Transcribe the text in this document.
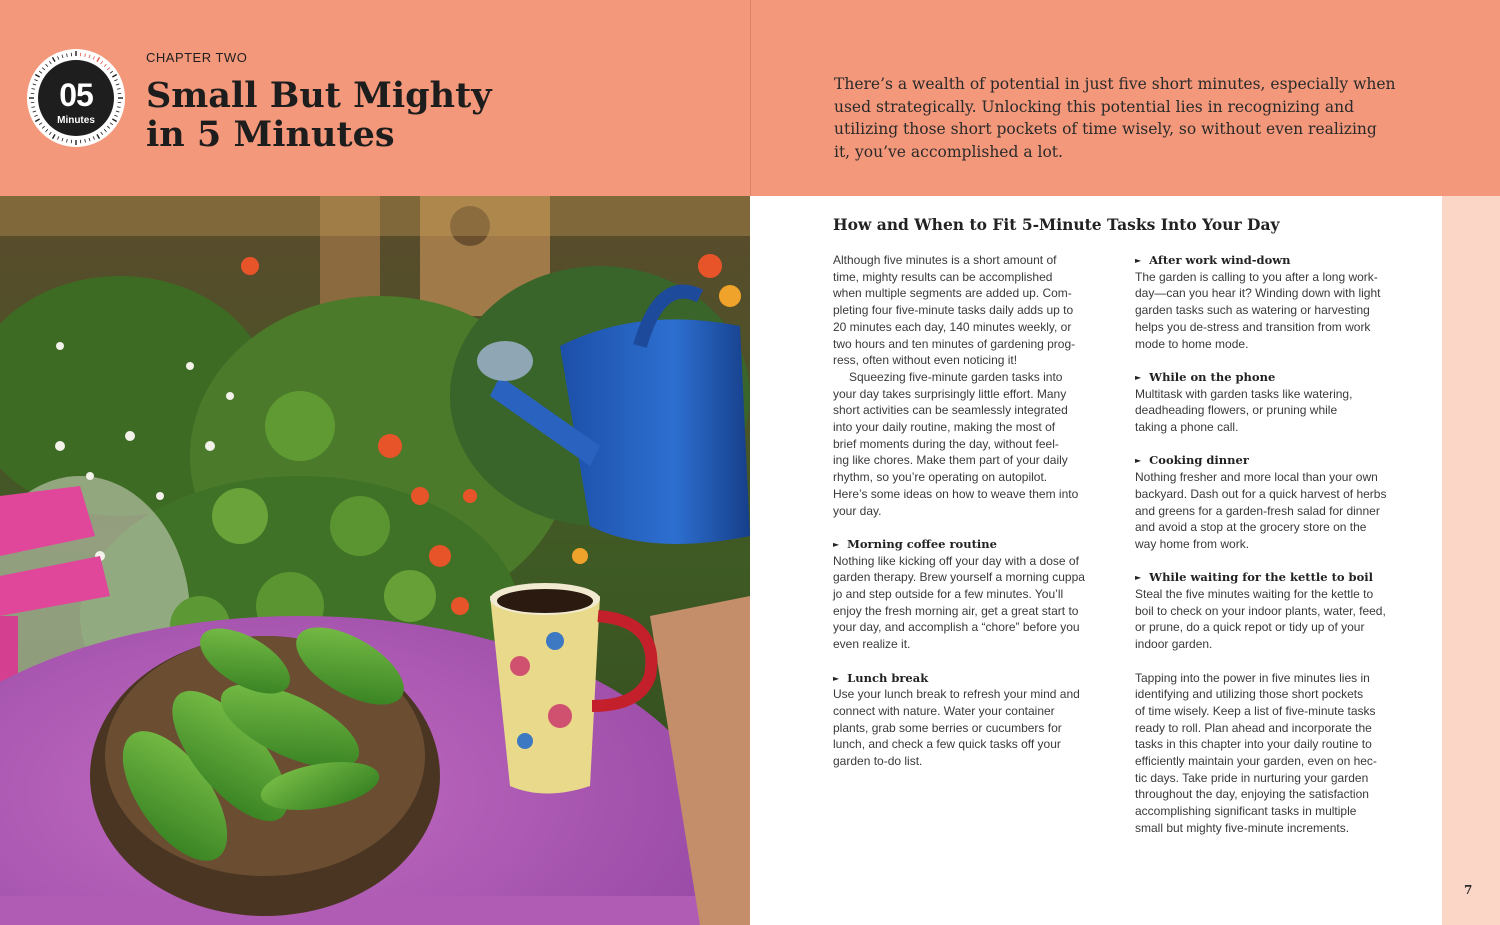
05
Minutes
CHAPTER TWO
Small But Mighty
in 5 Minutes
There’s a wealth of potential in just five short minutes, especially when
used strategically. Unlocking this potential lies in recognizing and
utilizing those short pockets of time wisely, so without even realizing
it, you’ve accomplished a lot.
7
How and When to Fit 5-Minute Tasks Into Your Day
Although five minutes is a short amount of
time, mighty results can be accomplished
when multiple segments are added up. Com-
pleting four five-minute tasks daily adds up to
20 minutes each day, 140 minutes weekly, or
two hours and ten minutes of gardening prog-
ress, often without even noticing it!
Squeezing five-minute garden tasks into
your day takes surprisingly little effort. Many
short activities can be seamlessly integrated
into your daily routine, making the most of
brief moments during the day, without feel-
ing like chores. Make them part of your daily
rhythm, so you’re operating on autopilot.
Here’s some ideas on how to weave them into
your day.
► Morning coffee routine
Nothing like kicking off your day with a dose of
garden therapy. Brew yourself a morning cuppa
jo and step outside for a few minutes. You’ll
enjoy the fresh morning air, get a great start to
your day, and accomplish a “chore” before you
even realize it.
► Lunch break
Use your lunch break to refresh your mind and
connect with nature. Water your container
plants, grab some berries or cucumbers for
lunch, and check a few quick tasks off your
garden to-do list.
► After work wind-down
The garden is calling to you after a long work-
day—can you hear it? Winding down with light
garden tasks such as watering or harvesting
helps you de-stress and transition from work
mode to home mode.
► While on the phone
Multitask with garden tasks like watering,
deadheading flowers, or pruning while
taking a phone call.
► Cooking dinner
Nothing fresher and more local than your own
backyard. Dash out for a quick harvest of herbs
and greens for a garden-fresh salad for dinner
and avoid a stop at the grocery store on the
way home from work.
► While waiting for the kettle to boil
Steal the five minutes waiting for the kettle to
boil to check on your indoor plants, water, feed,
or prune, do a quick repot or tidy up of your
indoor garden.
Tapping into the power in five minutes lies in
identifying and utilizing those short pockets
of time wisely. Keep a list of five-minute tasks
ready to roll. Plan ahead and incorporate the
tasks in this chapter into your daily routine to
efficiently maintain your garden, even on hec-
tic days. Take pride in nurturing your garden
throughout the day, enjoying the satisfaction
accomplishing significant tasks in multiple
small but mighty five-minute increments.
